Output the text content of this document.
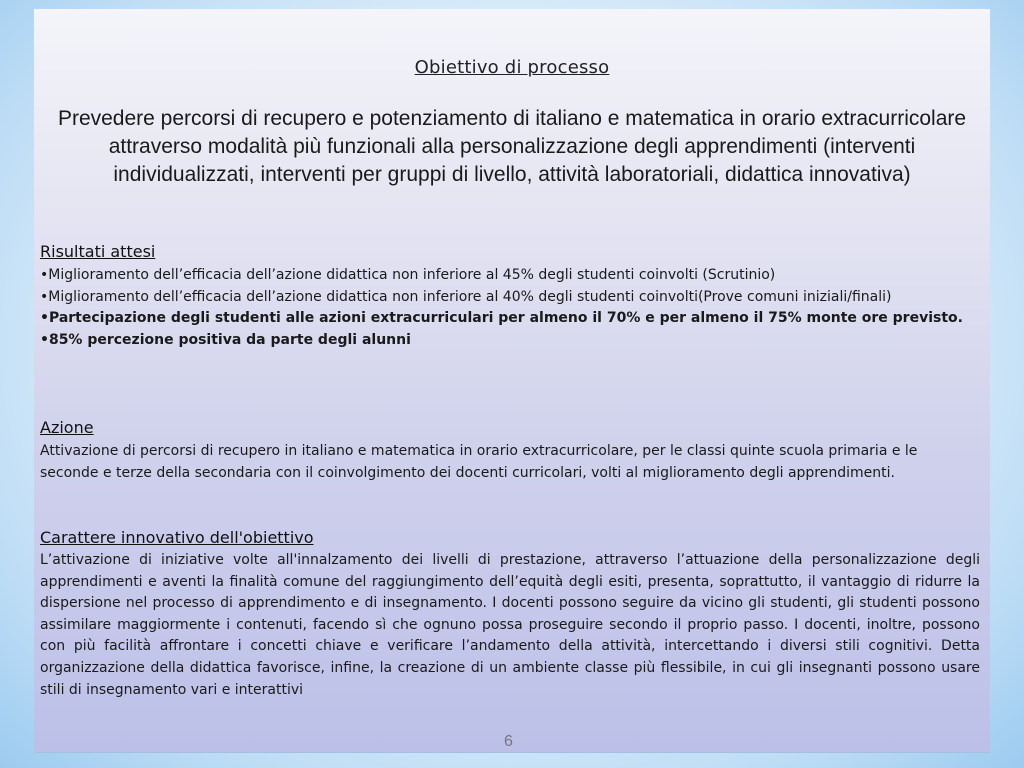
Obiettivo di processo
Prevedere percorsi di recupero e potenziamento di italiano e matematica in orario extracurricolare attraverso modalità più funzionali alla personalizzazione degli apprendimenti (interventi individualizzati, interventi per gruppi di livello, attività laboratoriali, didattica innovativa)
Risultati attesi
•Miglioramento dell’efficacia dell’azione didattica non inferiore al 45% degli studenti coinvolti (Scrutinio)
•Miglioramento dell’efficacia dell’azione didattica non inferiore al 40% degli studenti coinvolti(Prove comuni iniziali/finali)
•Partecipazione degli studenti alle azioni extracurriculari per almeno il 70% e per almeno il 75% monte ore previsto.
•85% percezione positiva da parte degli alunni
Azione
Attivazione di percorsi di recupero in italiano e matematica in orario extracurricolare, per le classi quinte scuola primaria e le seconde e terze della secondaria con il coinvolgimento dei docenti curricolari, volti al miglioramento degli apprendimenti.
Carattere innovativo dell'obiettivo
L’attivazione di iniziative volte all'innalzamento dei livelli di prestazione, attraverso l’attuazione della personalizzazione degli apprendimenti e aventi la finalità comune del raggiungimento dell’equità degli esiti, presenta, soprattutto, il vantaggio di ridurre la dispersione nel processo di apprendimento e di insegnamento. I docenti possono seguire da vicino gli studenti, gli studenti possono assimilare maggiormente i contenuti, facendo sì che ognuno possa proseguire secondo il proprio passo. I docenti, inoltre, possono con più facilità affrontare i concetti chiave e verificare l’andamento della attività, intercettando i diversi stili cognitivi. Detta organizzazione della didattica favorisce, infine, la creazione di un ambiente classe più flessibile, in cui gli insegnanti possono usare stili di insegnamento vari e interattivi
6
